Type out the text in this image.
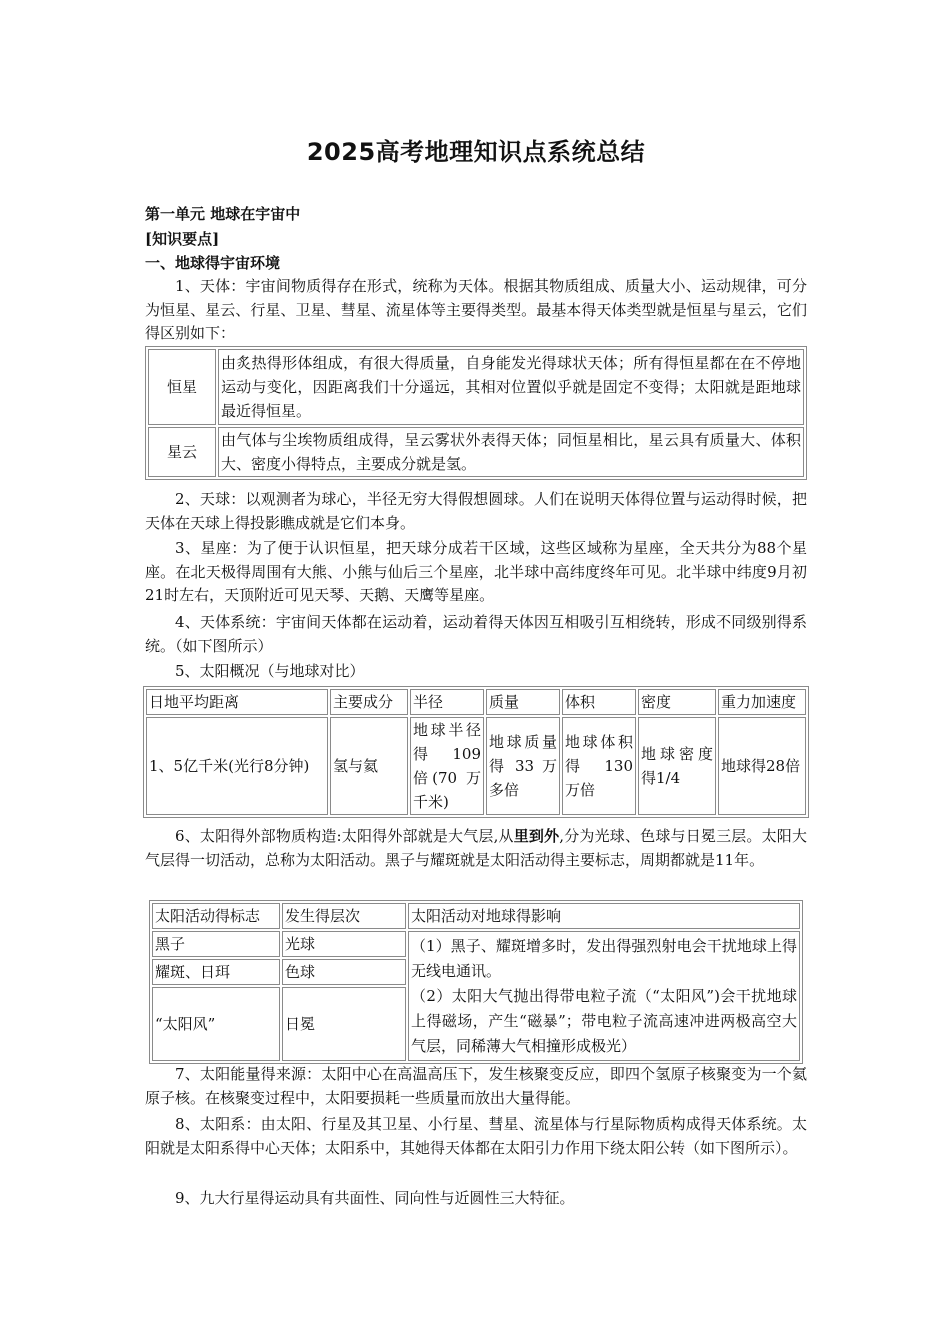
2025高考地理知识点系统总结
第一单元 地球在宇宙中
[知识要点]
一、地球得宇宙环境
1、天体：宇宙间物质得存在形式，统称为天体。根据其物质组成、质量大小、运动规律，可分为恒星、星云、行星、卫星、彗星、流星体等主要得类型。最基本得天体类型就是恒星与星云，它们得区别如下：
恒星	由炙热得形体组成，有很大得质量，自身能发光得球状天体；所有得恒星都在在不停地运动与变化，因距离我们十分遥远，其相对位置似乎就是固定不变得；太阳就是距地球最近得恒星。
星云	由气体与尘埃物质组成得，呈云雾状外表得天体；同恒星相比，星云具有质量大、体积大、密度小得特点，主要成分就是氢。
2、天球：以观测者为球心，半径无穷大得假想圆球。人们在说明天体得位置与运动得时候，把天体在天球上得投影瞧成就是它们本身。
3、星座：为了便于认识恒星，把天球分成若干区域，这些区域称为星座，全天共分为88个星座。在北天极得周围有大熊、小熊与仙后三个星座，北半球中高纬度终年可见。北半球中纬度9月初21时左右，天顶附近可见天琴、天鹅、天鹰等星座。
4、天体系统：宇宙间天体都在运动着，运动着得天体因互相吸引互相绕转，形成不同级别得系统。（如下图所示）
5、太阳概况（与地球对比）
日地平均距离	主要成分	半径	质量	体积	密度	重力加速度
1、5亿千米(光行8分钟)	氢与氦	地球半径得 109 倍(70 万千米)	地球质量得 33 万多倍	地球体积得 130 万倍	地球密度得1/4	地球得28倍
6、太阳得外部物质构造:太阳得外部就是大气层,从里到外,分为光球、色球与日冕三层。太阳大气层得一切活动，总称为太阳活动。黑子与耀斑就是太阳活动得主要标志，周期都就是11年。
太阳活动得标志	发生得层次	太阳活动对地球得影响
黑子	光球	（1）黑子、耀斑增多时，发出得强烈射电会干扰地球上得无线电通讯。
（2）太阳大气抛出得带电粒子流（“太阳风”)会干扰地球上得磁场，产生“磁暴”；带电粒子流高速冲进两极高空大气层，同稀薄大气相撞形成极光）

耀斑、日珥	色球	
“太阳风”	日冕	
7、太阳能量得来源：太阳中心在高温高压下，发生核聚变反应，即四个氢原子核聚变为一个氦原子核。在核聚变过程中，太阳要损耗一些质量而放出大量得能。
8、太阳系：由太阳、行星及其卫星、小行星、彗星、流星体与行星际物质构成得天体系统。太阳就是太阳系得中心天体；太阳系中，其她得天体都在太阳引力作用下绕太阳公转（如下图所示）。
9、九大行星得运动具有共面性、同向性与近圆性三大特征。
